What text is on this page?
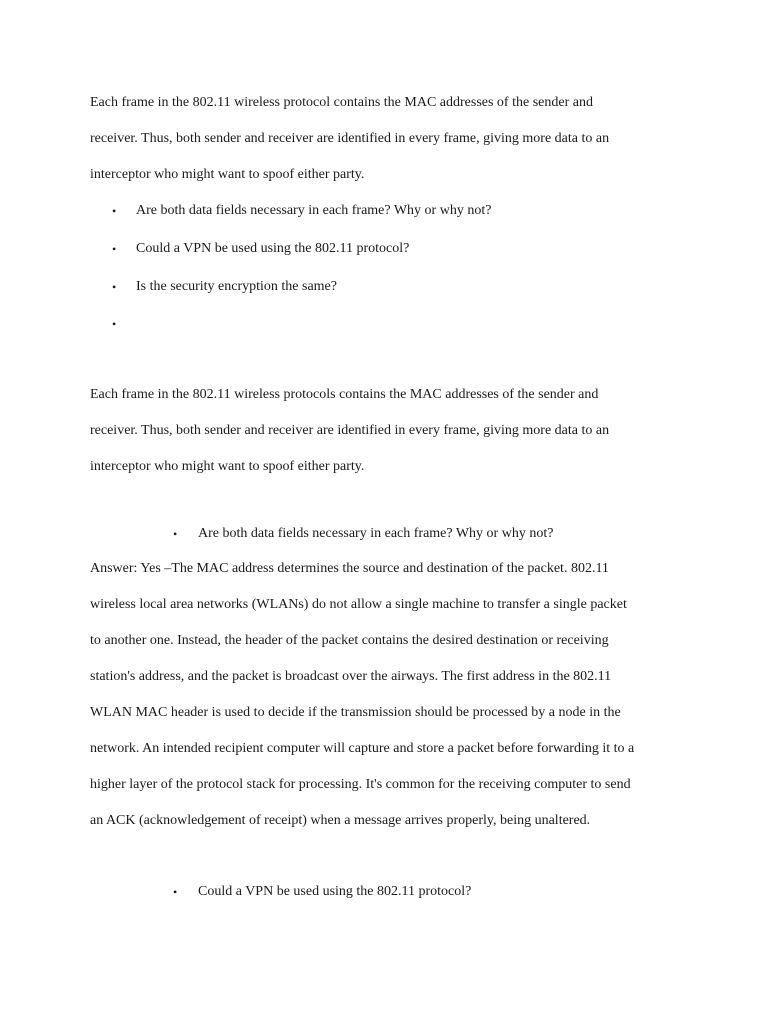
Each frame in the 802.11 wireless protocol contains the MAC addresses of the sender and
receiver. Thus, both sender and receiver are identified in every frame, giving more data to an
interceptor who might want to spoof either party.

• Are both data fields necessary in each frame? Why or why not?
• Could a VPN be used using the 802.11 protocol?
• Is the security encryption the same?
•

Each frame in the 802.11 wireless protocols contains the MAC addresses of the sender and
receiver. Thus, both sender and receiver are identified in every frame, giving more data to an
interceptor who might want to spoof either party.

• Are both data fields necessary in each frame? Why or why not?

Answer: Yes –The MAC address determines the source and destination of the packet. 802.11
wireless local area networks (WLANs) do not allow a single machine to transfer a single packet
to another one. Instead, the header of the packet contains the desired destination or receiving
station's address, and the packet is broadcast over the airways. The first address in the 802.11
WLAN MAC header is used to decide if the transmission should be processed by a node in the
network. An intended recipient computer will capture and store a packet before forwarding it to a
higher layer of the protocol stack for processing. It's common for the receiving computer to send
an ACK (acknowledgement of receipt) when a message arrives properly, being unaltered.

• Could a VPN be used using the 802.11 protocol?
